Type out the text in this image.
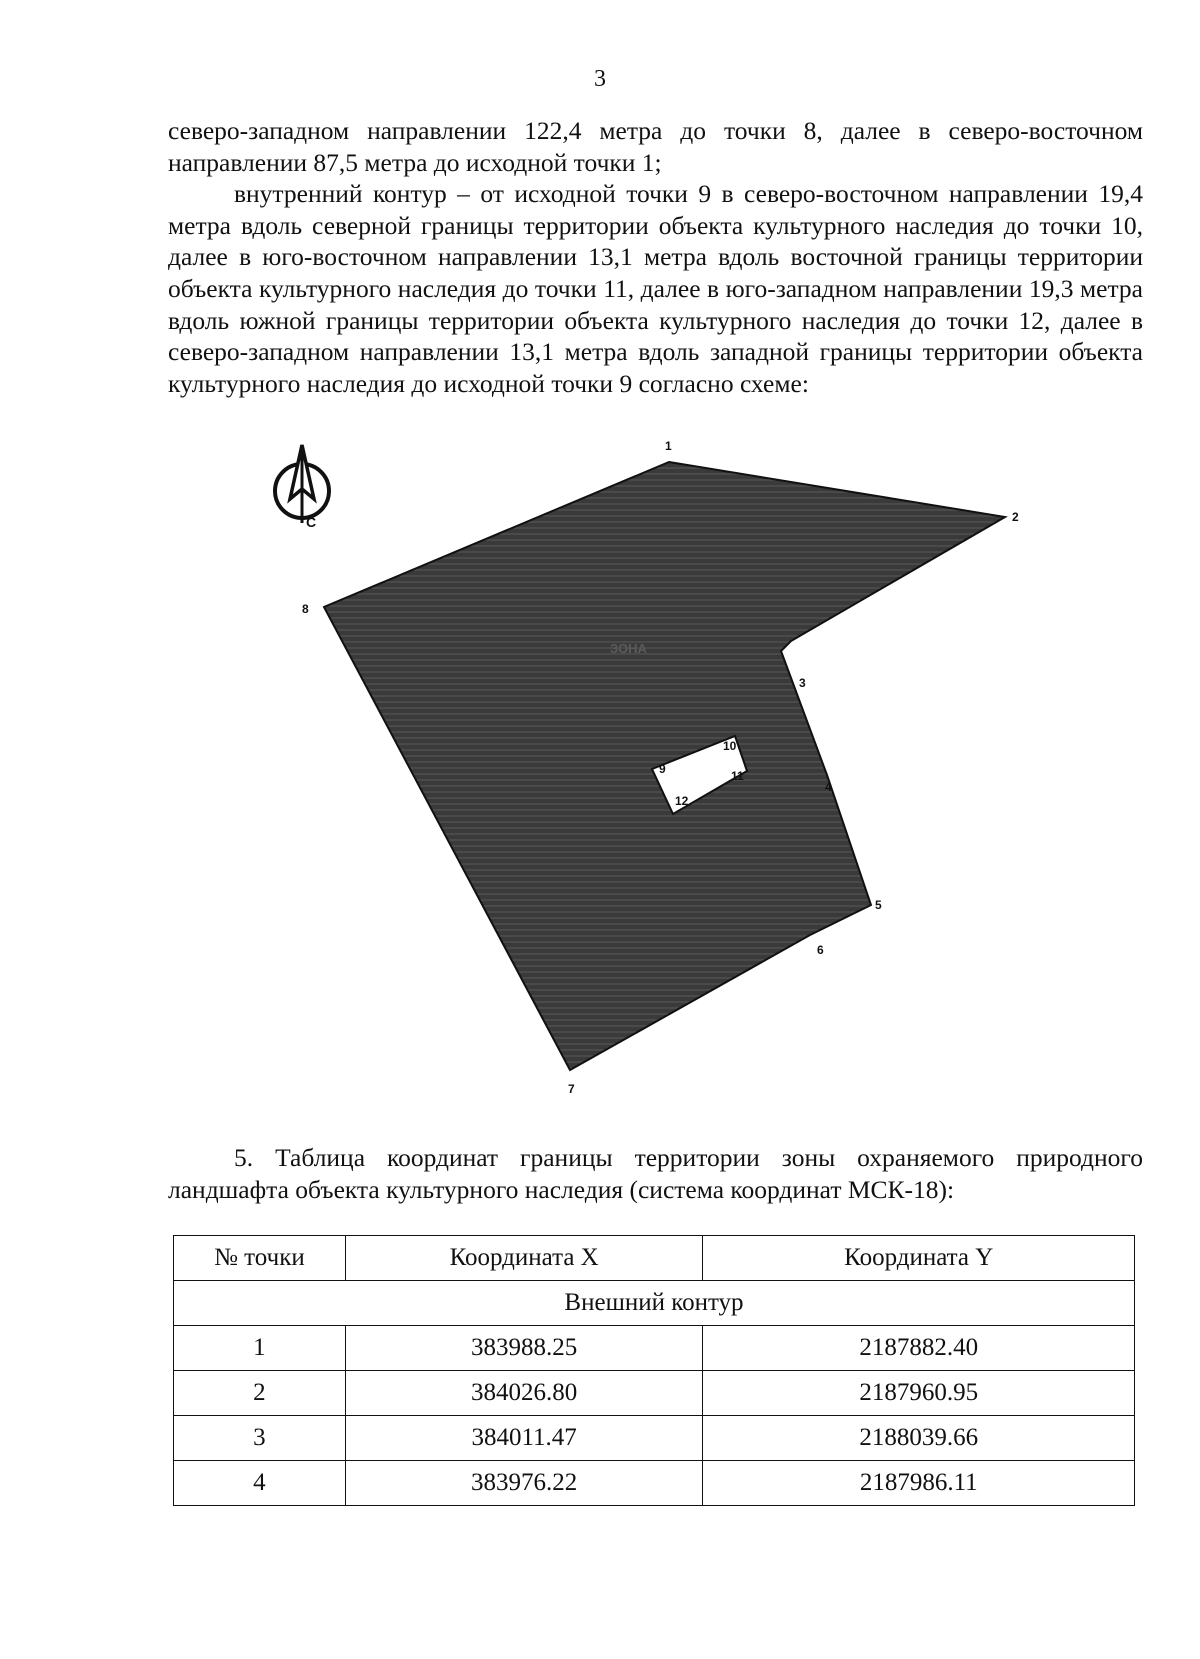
3

северо-западном направлении 122,4 метра до точки 8, далее в северо-восточном направлении 87,5 метра до исходной точки 1;

внутренний контур – от исходной точки 9 в северо-восточном направлении 19,4 метра вдоль северной границы территории объекта культурного наследия до точки 10, далее в юго-восточном направлении 13,1 метра вдоль восточной границы территории объекта культурного наследия до точки 11, далее в юго-западном направлении 19,3 метра вдоль южной границы территории объекта культурного наследия до точки 12, далее в северо-западном направлении 13,1 метра вдоль западной границы территории объекта культурного наследия до исходной точки 9 согласно схеме:

С
ЗОНА
1
2
3
4
5
6
7
8
9
10
11
12

5. Таблица координат границы территории зоны охраняемого природного ландшафта объекта культурного наследия (система координат МСК-18):

№ точки	Координата X	Координата Y
Внешний контур		
1	383988.25	2187882.40
2	384026.80	2187960.95
3	384011.47	2188039.66
4	383976.22	2187986.11
